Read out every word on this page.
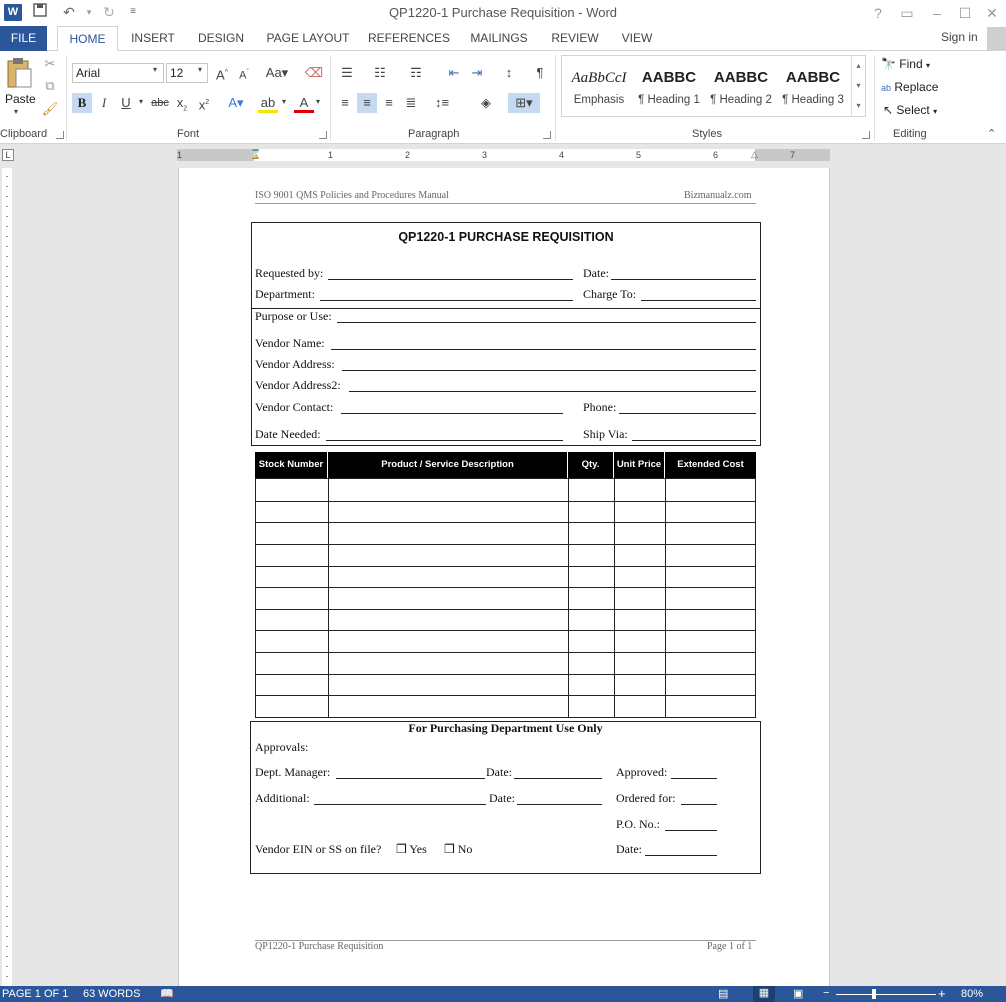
W	↶	▾ ↻	≡	QP1220-1 Purchase Requisition - Word	?	▭	–	☐	✕
FILE	HOME	INSERT	DESIGN	PAGE LAYOUT	REFERENCES	MAILINGS	REVIEW	VIEW	Sign in
Paste
▾
✂
⧉
🖌
Clipboard
Arial	▾	12	▾	A^	$A^ˇ$	Aa▾ ⌫
B	I	U	▾ abc $x_2$ $x^2$	A▾ ab ▾	A ▾
Font
☰	☷	☶	⇤ ⇥	↕	¶
≡	≡	≡ ≣	↕≡	◈	⊞▾
Paragraph
AaBbCcI
Emphasis
AABBC
¶ Heading 1
AABBC
¶ Heading 2
AABBC
¶ Heading 3
▴
▾
▾
Styles
🔭 Find ▾
ab Replace
↖ Select ▾
Editing	⌃
L	1	1	2	3	4	5	6	7
⌛	△
ISO 9001 QMS Policies and Procedures Manual	Bizmanualz.com
QP1220-1 PURCHASE REQUISITION
Requested by:	Date:
Department:	Charge To:
Purpose or Use:
Vendor Name:
Vendor Address:
Vendor Address2:
Vendor Contact:	Phone:
Date Needed:	Ship Via:
Stock Number	Product / Service Description	Qty.	Unit Price	Extended Cost
For Purchasing Department Use Only
Approvals:
Dept. Manager:	Date:	Approved:
Additional:	Date:	Ordered for:
P.O. No.:
Vendor EIN or SS on file? ❒ Yes ❒ No	Date:
QP1220-1 Purchase Requisition	Page 1 of 1
PAGE 1 OF 1 63 WORDS 📖	▤	▦	▣ −	+ 80%
